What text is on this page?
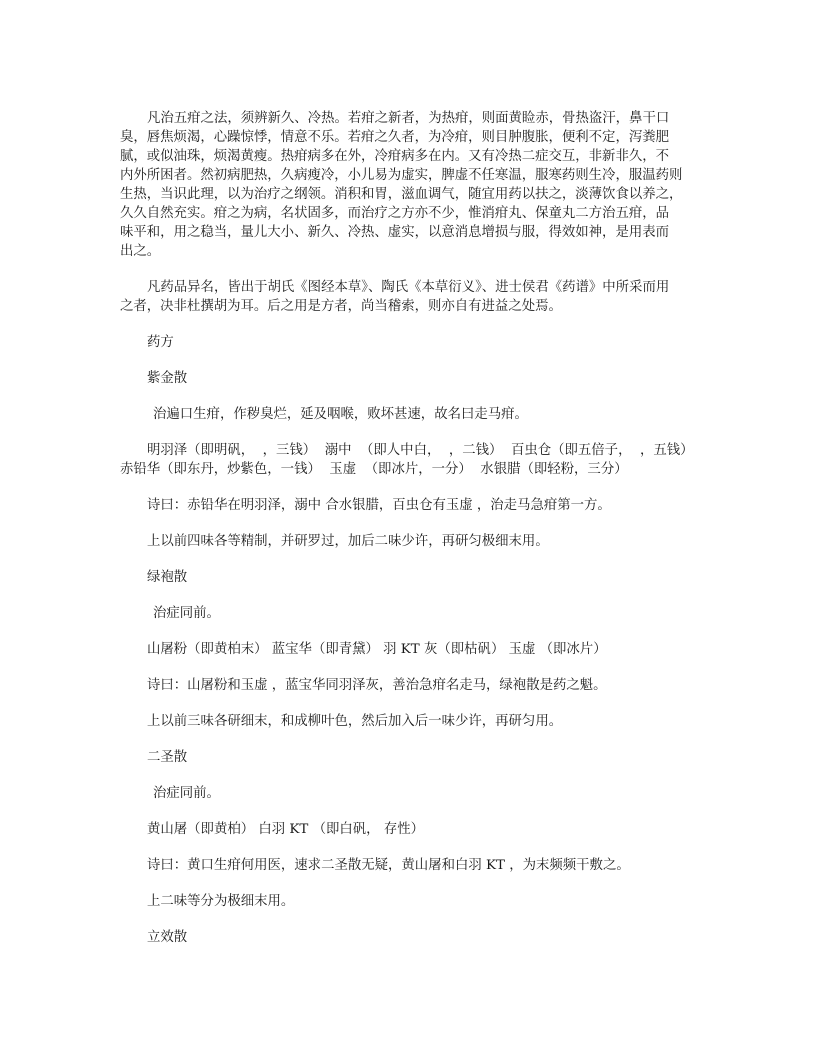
凡治五疳之法，须辨新久、冷热。若疳之新者，为热疳，则面黄睑赤，骨热盗汗，鼻干口
臭，唇焦烦渴，心躁惊悸，情意不乐。若疳之久者，为冷疳，则目肿腹胀，便利不定，泻粪肥
腻，或似油珠，烦渴黄瘦。热疳病多在外，冷疳病多在内。又有冷热二症交互，非新非久，不
内外所困者。然初病肥热，久病瘦冷，小儿易为虚实，脾虚不任寒温，服寒药则生冷，服温药则
生热，当识此理，以为治疗之纲领。消积和胃，滋血调气，随宜用药以扶之，淡薄饮食以养之，
久久自然充实。疳之为病，名状固多，而治疗之方亦不少，惟消疳丸、保童丸二方治五疳，品
味平和，用之稳当，量儿大小、新久、冷热、虚实，以意消息增损与服，得效如神，是用表而
出之。

凡药品异名，皆出于胡氏《图经本草》、陶氏《本草衍义》、进士侯君《药谱》中所采而用
之者，决非杜撰胡为耳。后之用是方者，尚当稽索，则亦自有进益之处焉。

药方

紫金散

治遍口生疳，作秽臭烂，延及咽喉，败坏甚速，故名曰走马疳。

明羽泽（即明矾，  ，三钱）  溺中  （即人中白，  ，二钱）  百虫仓（即五倍子，  ，五钱）
赤铅华（即东丹，炒紫色，一钱）  玉虚  （即冰片，一分）  水银腊（即轻粉，三分）

诗曰：赤铅华在明羽泽，溺中 合水银腊，百虫仓有玉虚 ，治走马急疳第一方。

上以前四味各等精制，并研罗过，加后二味少许，再研匀极细末用。

绿袍散

治症同前。

山屠粉（即黄柏末） 蓝宝华（即青黛） 羽 KT 灰（即枯矾） 玉虚 （即冰片）

诗曰：山屠粉和玉虚 ，蓝宝华同羽泽灰，善治急疳名走马，绿袍散是药之魁。

上以前三味各研细末，和成柳叶色，然后加入后一味少许，再研匀用。

二圣散

治症同前。

黄山屠（即黄柏） 白羽 KT （即白矾， 存性）

诗曰：黄口生疳何用医，速求二圣散无疑，黄山屠和白羽 KT ，为末频频干敷之。

上二味等分为极细末用。

立效散
